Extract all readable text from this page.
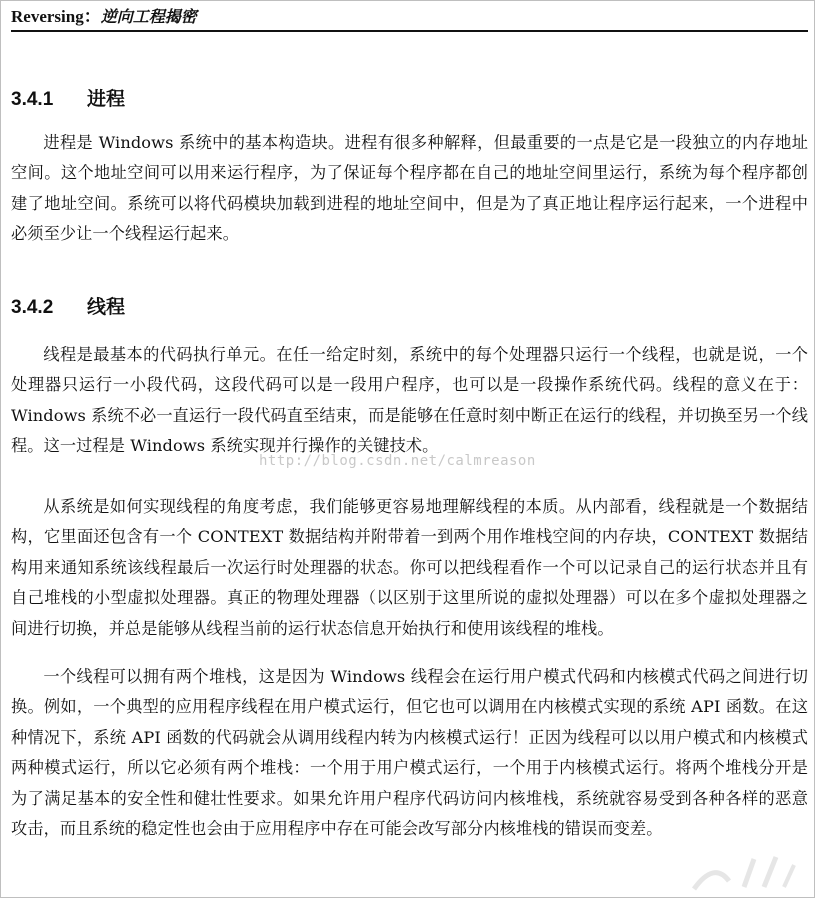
Reversing：逆向工程揭密
3.4.1 进程

进程是 Windows 系统中的基本构造块。进程有很多种解释，但最重要的一点是它是一段独立的内存地址空间。这个地址空间可以用来运行程序，为了保证每个程序都在自己的地址空间里运行，系统为每个程序都创建了地址空间。系统可以将代码模块加载到进程的地址空间中，但是为了真正地让程序运行起来，一个进程中必须至少让一个线程运行起来。

3.4.2 线程

线程是最基本的代码执行单元。在任一给定时刻，系统中的每个处理器只运行一个线程，也就是说，一个处理器只运行一小段代码，这段代码可以是一段用户程序，也可以是一段操作系统代码。线程的意义在于：Windows 系统不必一直运行一段代码直至结束，而是能够在任意时刻中断正在运行的线程，并切换至另一个线程。这一过程是 Windows 系统实现并行操作的关键技术。

从系统是如何实现线程的角度考虑，我们能够更容易地理解线程的本质。从内部看，线程就是一个数据结构，它里面还包含有一个 CONTEXT 数据结构并附带着一到两个用作堆栈空间的内存块，CONTEXT 数据结构用来通知系统该线程最后一次运行时处理器的状态。你可以把线程看作一个可以记录自己的运行状态并且有自己堆栈的小型虚拟处理器。真正的物理处理器（以区别于这里所说的虚拟处理器）可以在多个虚拟处理器之间进行切换，并总是能够从线程当前的运行状态信息开始执行和使用该线程的堆栈。

一个线程可以拥有两个堆栈，这是因为 Windows 线程会在运行用户模式代码和内核模式代码之间进行切换。例如，一个典型的应用程序线程在用户模式运行，但它也可以调用在内核模式实现的系统 API 函数。在这种情况下，系统 API 函数的代码就会从调用线程内转为内核模式运行！正因为线程可以以用户模式和内核模式两种模式运行，所以它必须有两个堆栈：一个用于用户模式运行，一个用于内核模式运行。将两个堆栈分开是为了满足基本的安全性和健壮性要求。如果允许用户程序代码访问内核堆栈，系统就容易受到各种各样的恶意攻击，而且系统的稳定性也会由于应用程序中存在可能会改写部分内核堆栈的错误而变差。

http://blog.csdn.net/calmreason
